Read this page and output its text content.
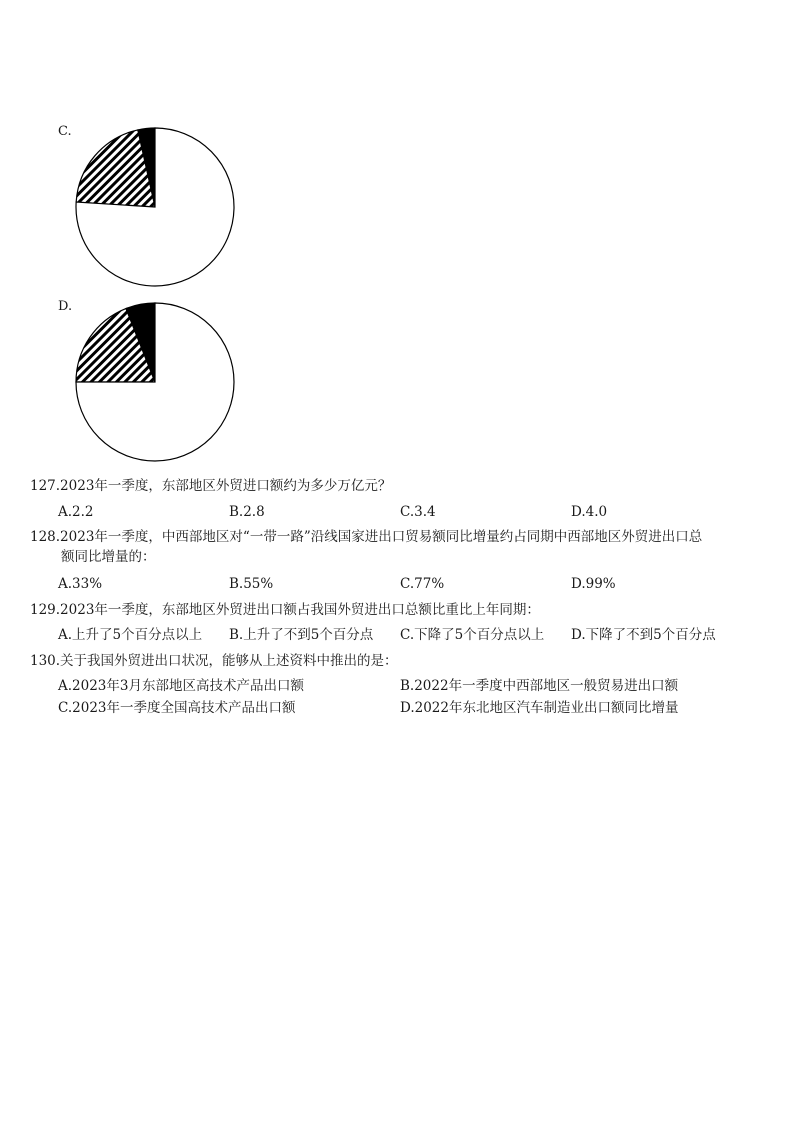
C.
D.
127.2023年一季度，东部地区外贸进口额约为多少万亿元？
A.2.2	B.2.8	C.3.4	D.4.0
128.2023年一季度，中西部地区对“一带一路”沿线国家进出口贸易额同比增量约占同期中西部地区外贸进出口总
额同比增量的：
A.33%	B.55%	C.77%	D.99%
129.2023年一季度，东部地区外贸进出口额占我国外贸进出口总额比重比上年同期：
A.上升了5个百分点以上 B.上升了不到5个百分点 C.下降了5个百分点以上 D.下降了不到5个百分点
130.关于我国外贸进出口状况，能够从上述资料中推出的是：
A.2023年3月东部地区高技术产品出口额	B.2022年一季度中西部地区一般贸易进出口额
C.2023年一季度全国高技术产品出口额	D.2022年东北地区汽车制造业出口额同比增量
